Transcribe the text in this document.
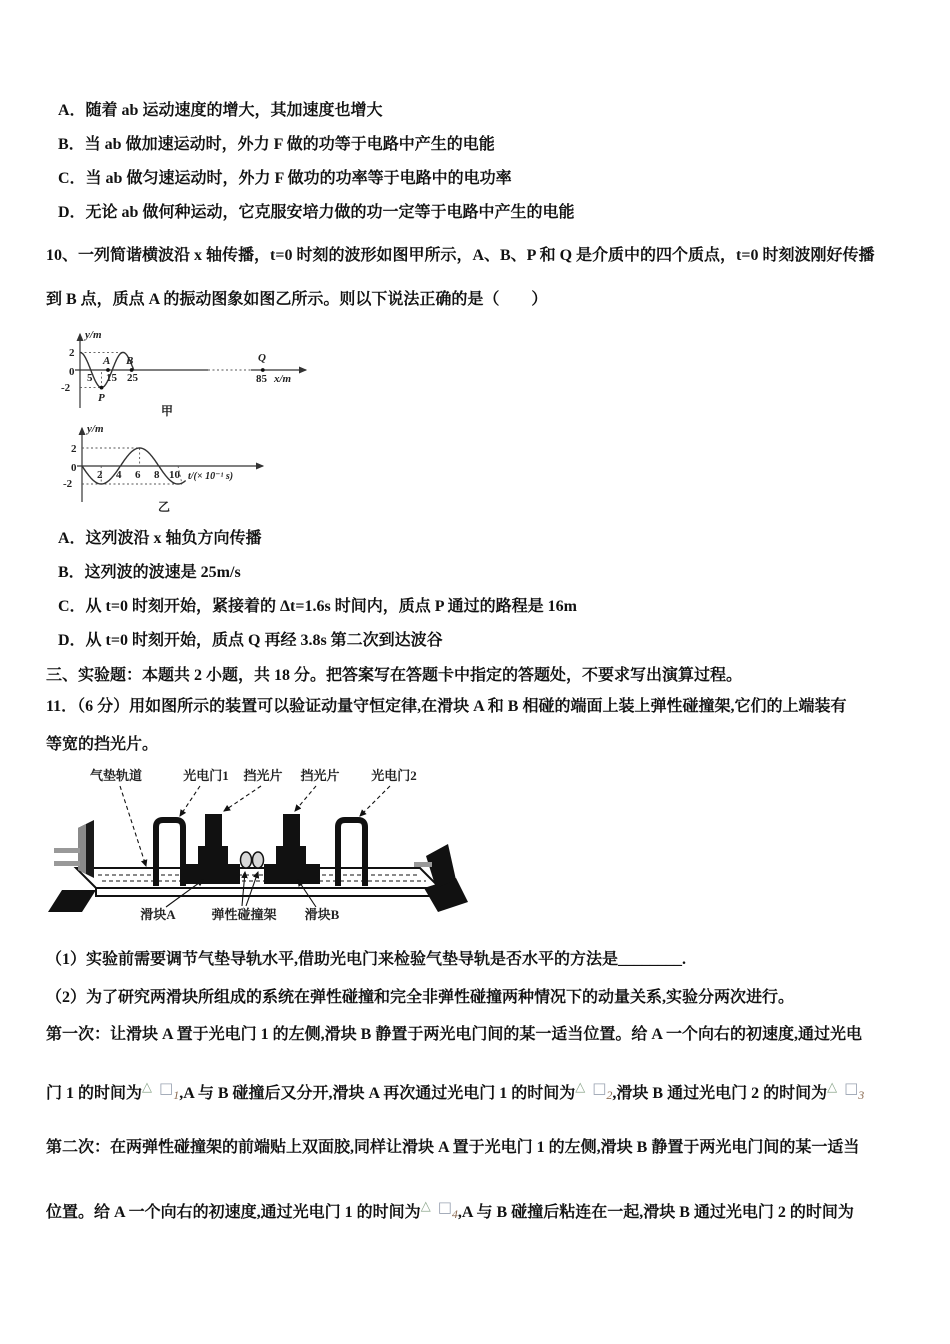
A．随着 ab 运动速度的增大，其加速度也增大

B．当 ab 做加速运动时，外力 F 做的功等于电路中产生的电能

C．当 ab 做匀速运动时，外力 F 做功的功率等于电路中的电功率

D．无论 ab 做何种运动，它克服安培力做的功一定等于电路中产生的电能

10、一列简谐横波沿 x 轴传播，t=0 时刻的波形如图甲所示，A、B、P 和 Q 是介质中的四个质点，t=0 时刻波刚好传播

到 B 点，质点 A 的振动图象如图乙所示。则以下说法正确的是（　　）

y/m
2
0
-2
5 15 25	85
A B
P
Q
x/m
甲
y/m
2
0
-2
2 4 6 8 10 t/(× 10⁻¹ s)
乙

A．这列波沿 x 轴负方向传播

B．这列波的波速是 25m/s

C．从 t=0 时刻开始，紧接着的 Δt=1.6s 时间内，质点 P 通过的路程是 16m

D．从 t=0 时刻开始，质点 Q 再经 3.8s 第二次到达波谷

三、实验题：本题共 2 小题，共 18 分。把答案写在答题卡中指定的答题处，不要求写出演算过程。

11．（6 分）用如图所示的装置可以验证动量守恒定律,在滑块 A 和 B 相碰的端面上装上弹性碰撞架,它们的上端装有

等宽的挡光片。

气垫轨道	光电门1 挡光片 挡光片 光电门2
滑块A	弹性碰撞架 滑块B

（1）实验前需要调节气垫导轨水平,借助光电门来检验气垫导轨是否水平的方法是________.

（2）为了研究两滑块所组成的系统在弹性碰撞和完全非弹性碰撞两种情况下的动量关系,实验分两次进行。

第一次：让滑块 A 置于光电门 1 的左侧,滑块 B 静置于两光电门间的某一适当位置。给 A 一个向右的初速度,通过光电

门 1 的时间为△ $□_1,A$ 与 B 碰撞后又分开,滑块 A 再次通过光电门 1 的时间为△ $□_2$,滑块 B 通过光电门 2 的时间为△ $□_3$

第二次：在两弹性碰撞架的前端贴上双面胶,同样让滑块 A 置于光电门 1 的左侧,滑块 B 静置于两光电门间的某一适当

位置。给 A 一个向右的初速度,通过光电门 1 的时间为△ $□_4,A$ 与 B 碰撞后粘连在一起,滑块 B 通过光电门 2 的时间为
